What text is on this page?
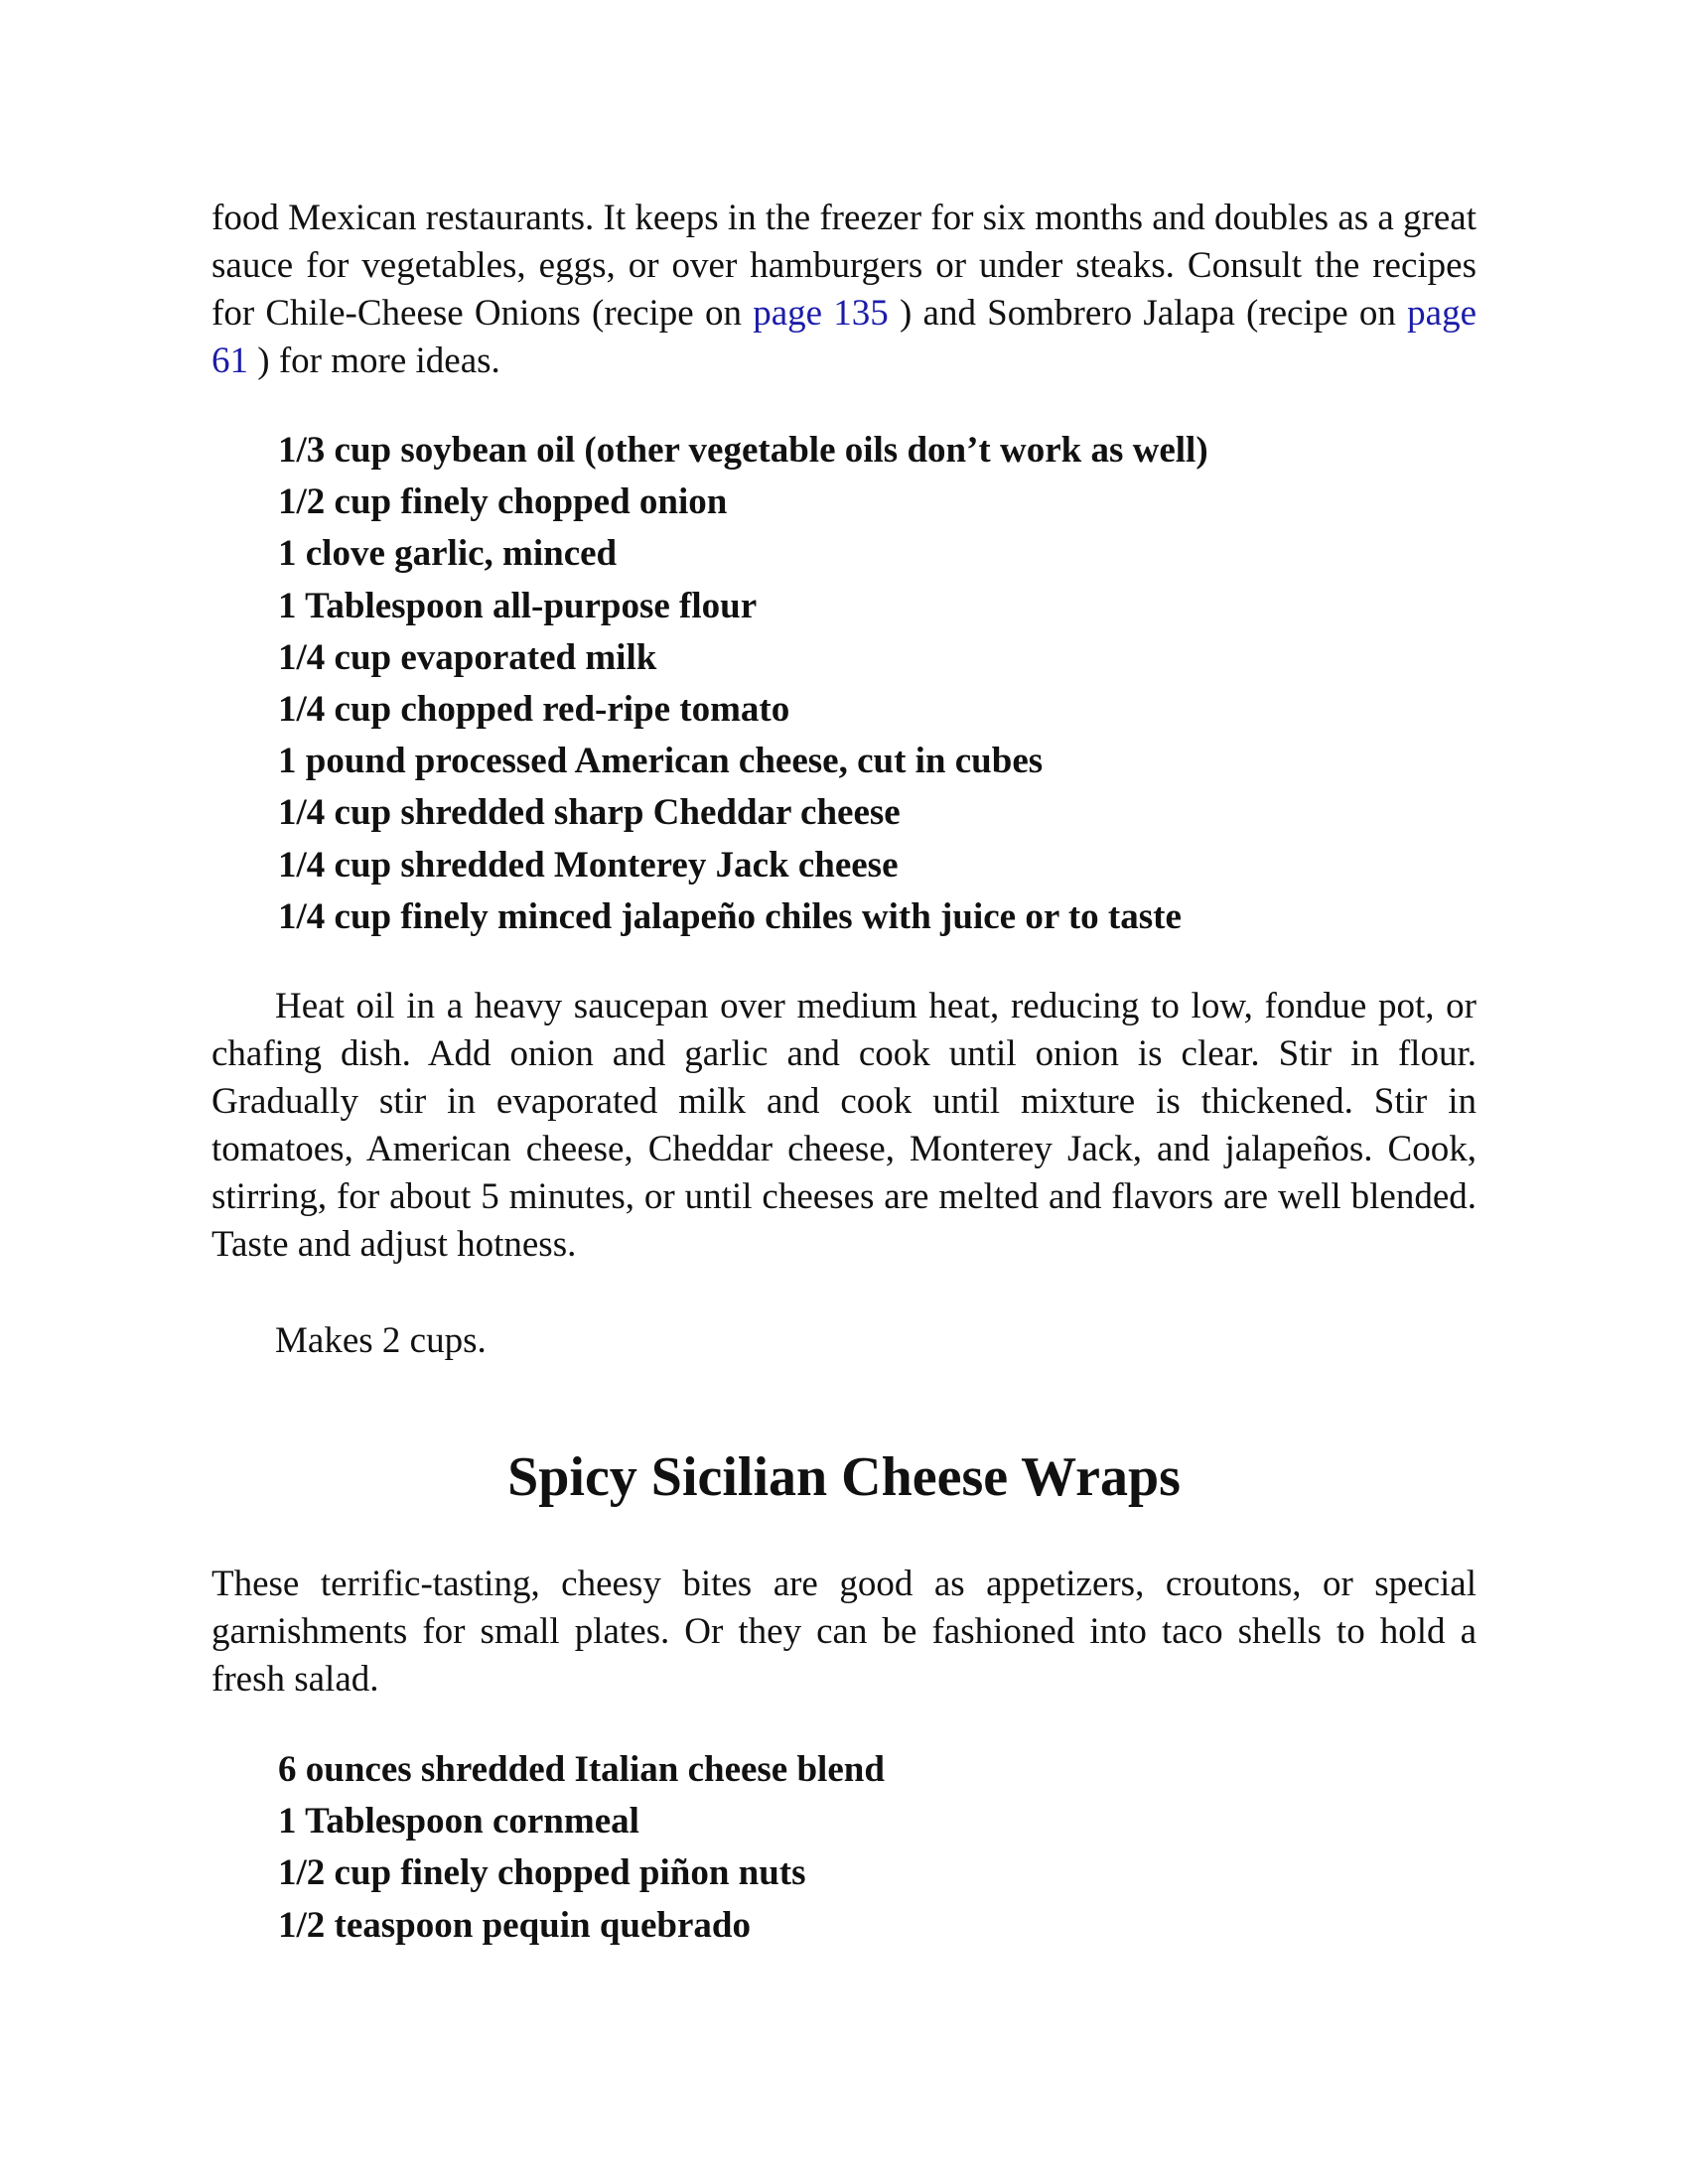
food Mexican restaurants. It keeps in the freezer for six months and doubles as a great sauce for vegetables, eggs, or over hamburgers or under steaks. Consult the recipes for Chile-Cheese Onions (recipe on page 135 ) and Sombrero Jalapa (recipe on page 61 ) for more ideas.

1/3 cup soybean oil (other vegetable oils don’t work as well)
1/2 cup finely chopped onion
1 clove garlic, minced
1 Tablespoon all-purpose flour
1/4 cup evaporated milk
1/4 cup chopped red-ripe tomato
1 pound processed American cheese, cut in cubes
1/4 cup shredded sharp Cheddar cheese
1/4 cup shredded Monterey Jack cheese
1/4 cup finely minced jalapeño chiles with juice or to taste

Heat oil in a heavy saucepan over medium heat, reducing to low, fondue pot, or chafing dish. Add onion and garlic and cook until onion is clear. Stir in flour. Gradually stir in evaporated milk and cook until mixture is thickened. Stir in tomatoes, American cheese, Cheddar cheese, Monterey Jack, and jalapeños. Cook, stirring, for about 5 minutes, or until cheeses are melted and flavors are well blended. Taste and adjust hotness.

Makes 2 cups.

Spicy Sicilian Cheese Wraps

These terrific-tasting, cheesy bites are good as appetizers, croutons, or special garnishments for small plates. Or they can be fashioned into taco shells to hold a fresh salad.

6 ounces shredded Italian cheese blend
1 Tablespoon cornmeal
1/2 cup finely chopped piñon nuts
1/2 teaspoon pequin quebrado
